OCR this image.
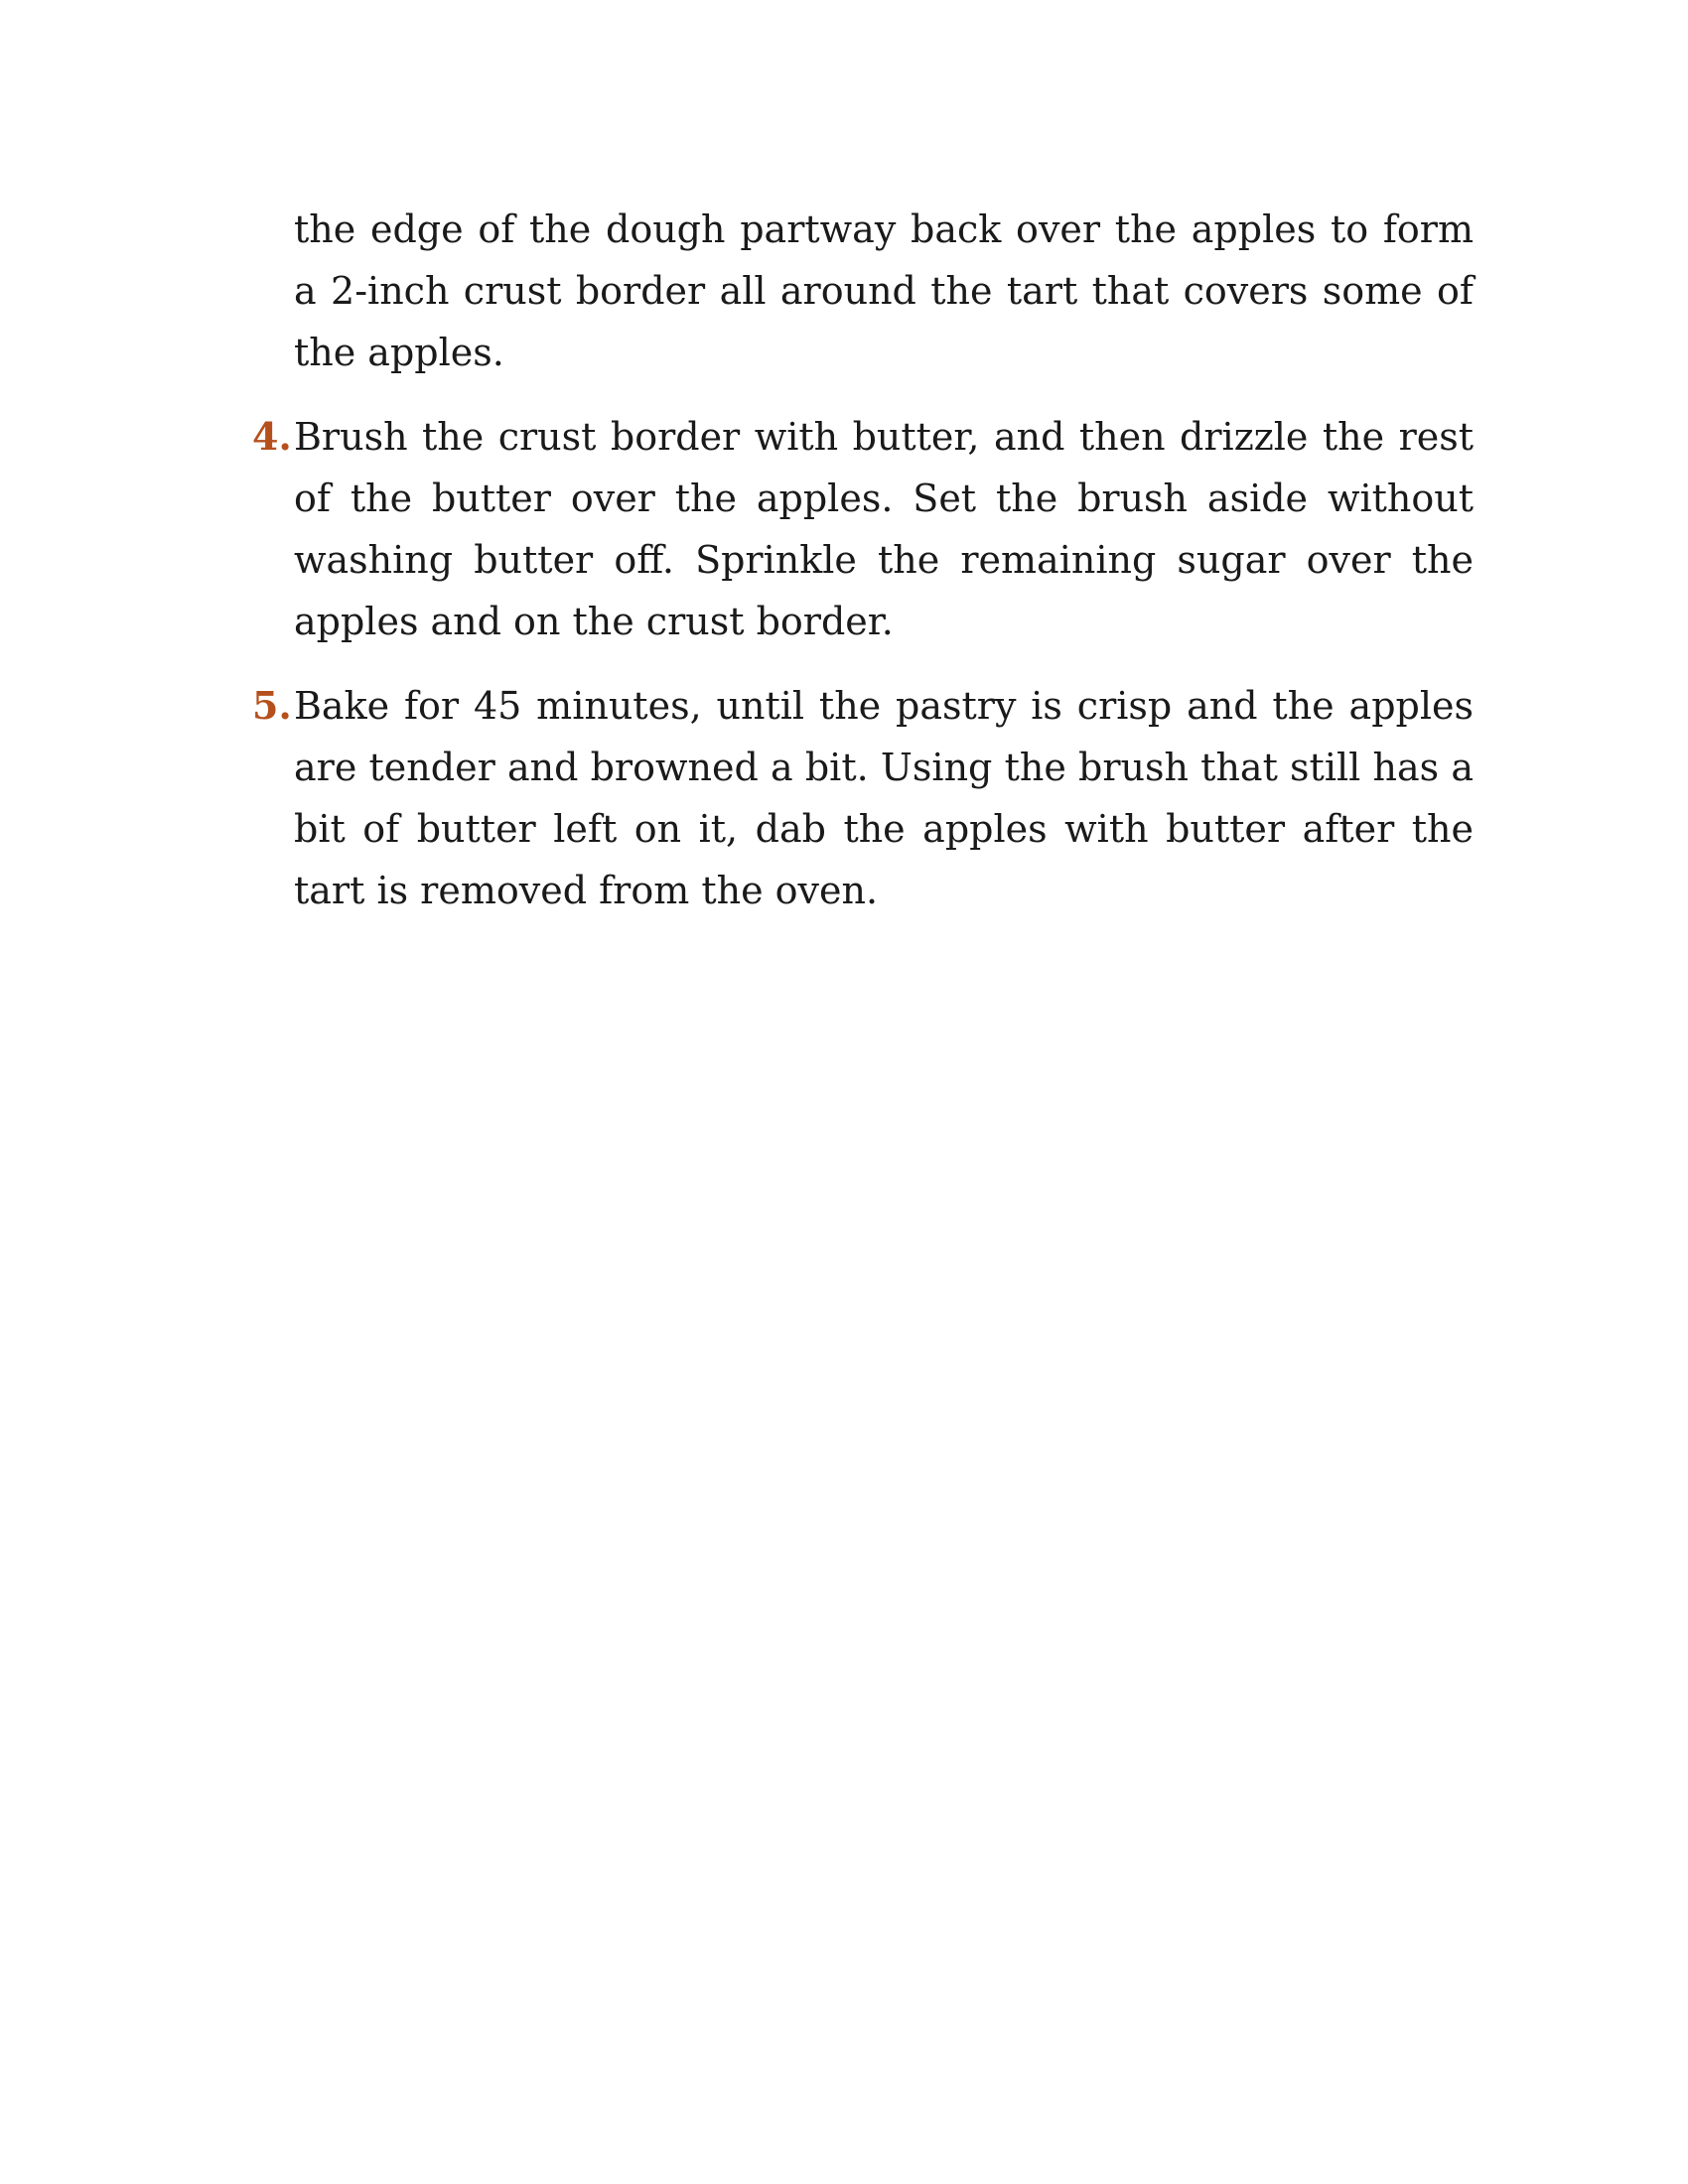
the edge of the dough partway back over the apples to form a 2-inch crust border all around the tart that covers some of the apples.

4. Brush the crust border with butter, and then drizzle the rest of the butter over the apples. Set the brush aside without washing butter off. Sprinkle the remaining sugar over the apples and on the crust border.

5. Bake for 45 minutes, until the pastry is crisp and the apples are tender and browned a bit. Using the brush that still has a bit of butter left on it, dab the apples with butter after the tart is removed from the oven.
